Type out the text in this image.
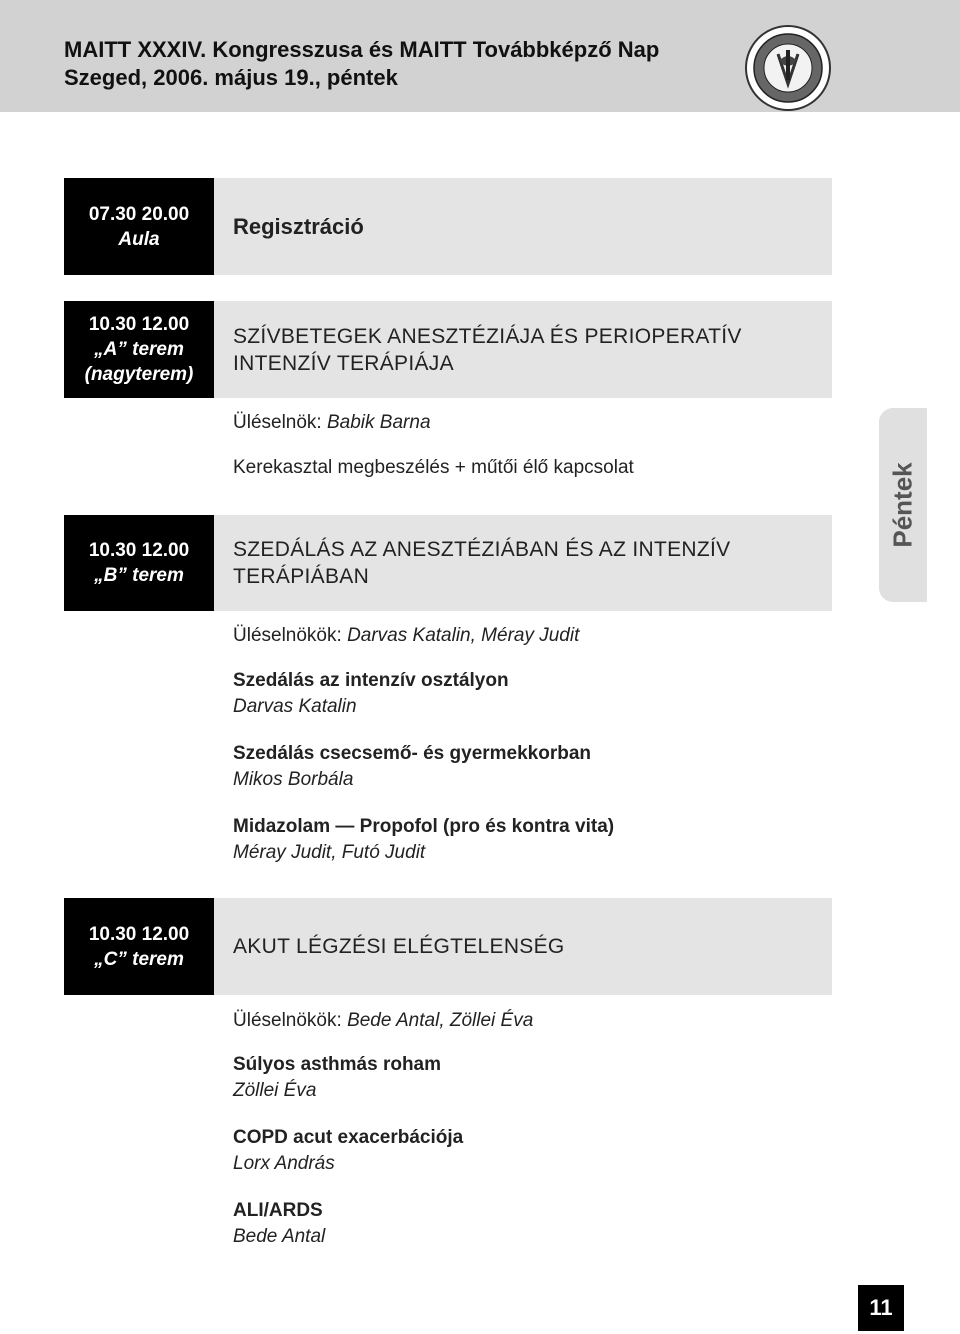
MAITT XXXIV. Kongresszusa és MAITT Továbbképző Nap
Szeged, 2006. május 19., péntek
Péntek
07.30 20.00
Aula	Regisztráció
10.30 12.00
„A” terem
(nagyterem)
SZÍVBETEGEK ANESZTÉZIÁJA ÉS PERIOPERATÍV
INTENZÍV TERÁPIÁJA
Üléselnök: Babik Barna
Kerekasztal megbeszélés + műtői élő kapcsolat
10.30 12.00
„B” terem
SZEDÁLÁS AZ ANESZTÉZIÁBAN ÉS AZ INTENZÍV
TERÁPIÁBAN
Üléselnökök: Darvas Katalin, Méray Judit
Szedálás az intenzív osztályon
Darvas Katalin
Szedálás csecsemő- és gyermekkorban
Mikos Borbála
Midazolam — Propofol (pro és kontra vita)
Méray Judit, Futó Judit
10.30 12.00
„C” terem
AKUT LÉGZÉSI ELÉGTELENSÉG
Üléselnökök: Bede Antal, Zöllei Éva
Súlyos asthmás roham
Zöllei Éva
COPD acut exacerbációja
Lorx András
ALI/ARDS
Bede Antal
11
